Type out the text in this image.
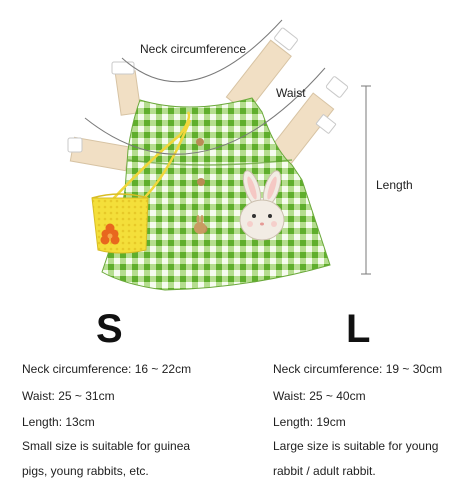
Neck circumference
Waist
Length
S
Neck circumference: 16 ~ 22cm
Waist: 25 ~ 31cm
Length: 13cm
Small size is suitable for guinea
pigs, young rabbits, etc.
L
Neck circumference: 19 ~ 30cm
Waist: 25 ~ 40cm
Length: 19cm
Large size is suitable for young
rabbit / adult rabbit.
